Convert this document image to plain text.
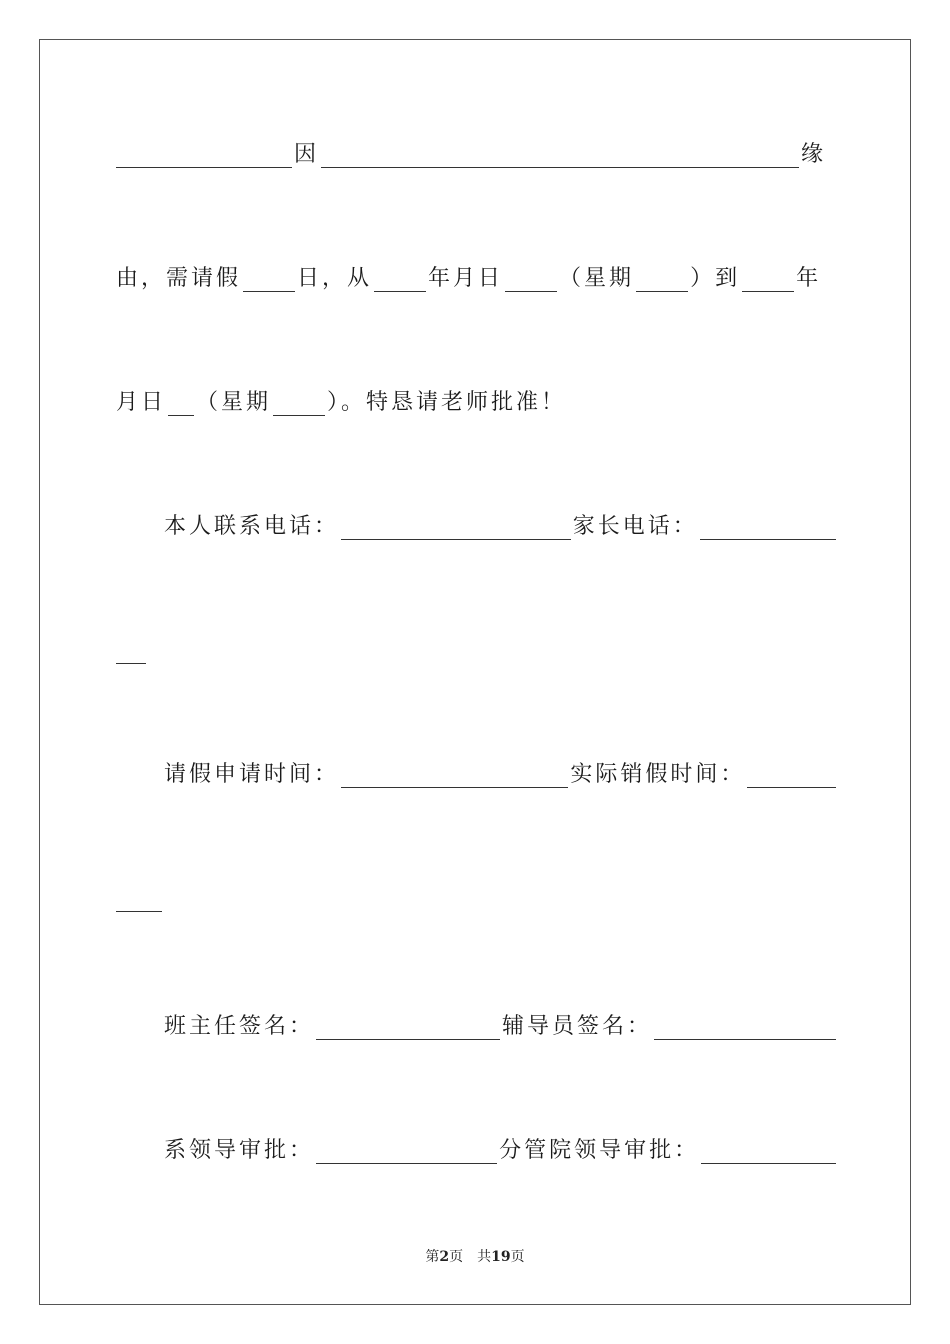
因	缘
由，需请假	日，从	年月日	（星期	）到	年
月日 （星期	）。特恳请老师批准！
本人联系电话：	家长电话：
请假申请时间：	实际销假时间：
班主任签名：	辅导员签名：
系领导审批：	分管院领导审批：
第2页　共19页
